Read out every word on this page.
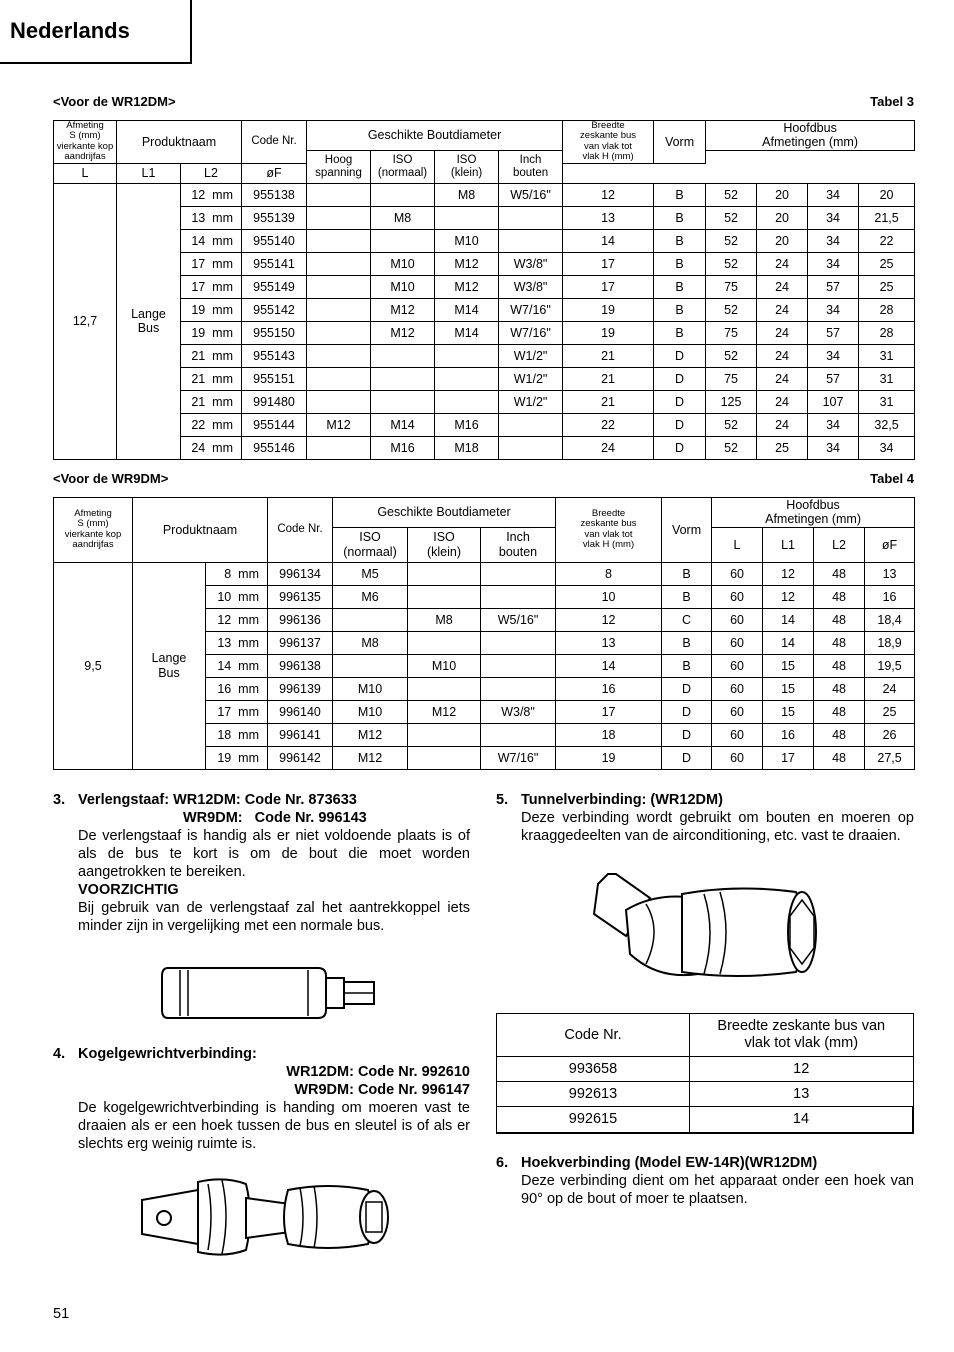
Nederlands
<Voor de WR12DM>	Tabel 3
Afmeting
S (mm)
vierkante kop
aandrijfas	Produktnaam		Code Nr.	Geschikte Boutdiameter				Breedte
zeskante bus
van vlak tot
vlak H (mm)	Vorm	Hoofdbus
Afmetingen (mm)			
				Hoog
spanning	ISO
(normaal)	ISO
(klein)	Inch
bouten						
L	L1	L2	øF										
12,7	Lange
Bus	12  mm	955138			M8	W5/16"	12	B	52	20	34	20
		13  mm	955139		M8			13	B	52	20	34	21,5
		14  mm	955140			M10		14	B	52	20	34	22
		17  mm	955141		M10	M12	W3/8"	17	B	52	24	34	25
		17  mm	955149		M10	M12	W3/8"	17	B	75	24	57	25
		19  mm	955142		M12	M14	W7/16"	19	B	52	24	34	28
		19  mm	955150		M12	M14	W7/16"	19	B	75	24	57	28
		21  mm	955143				W1/2"	21	D	52	24	34	31
		21  mm	955151				W1/2"	21	D	75	24	57	31
		21  mm	991480				W1/2"	21	D	125	24	107	31
		22  mm	955144	M12	M14	M16		22	D	52	24	34	32,5
		24  mm	955146		M16	M18		24	D	52	25	34	34
<Voor de WR9DM>	Tabel 4
Afmeting
S (mm)
vierkante kop
aandrijfas	Produktnaam		Code Nr.	Geschikte Boutdiameter			Breedte
zeskante bus
van vlak tot
vlak H (mm)	Vorm	Hoofdbus
Afmetingen (mm)			
				ISO
(normaal)	ISO
(klein)	Inch
bouten			L	L1	L2	øF
9,5	Lange
Bus	8  mm	996134	M5			8	B	60	12	48	13
		10  mm	996135	M6			10	B	60	12	48	16
		12  mm	996136		M8	W5/16"	12	C	60	14	48	18,4
		13  mm	996137	M8			13	B	60	14	48	18,9
		14  mm	996138		M10		14	B	60	15	48	19,5
		16  mm	996139	M10			16	D	60	15	48	24
		17  mm	996140	M10	M12	W3/8"	17	D	60	15	48	25
		18  mm	996141	M12			18	D	60	16	48	26
		19  mm	996142	M12		W7/16"	19	D	60	17	48	27,5
3. Verlengstaaf: WR12DM: Code Nr. 873633
WR9DM:   Code Nr. 996143
De verlengstaaf is handig als er niet voldoende plaats is of als de bus te kort is om de bout die moet worden aangetrokken te bereiken.
VOORZICHTIG
Bij gebruik van de verlengstaaf zal het aantrekkoppel iets minder zijn in vergelijking met een normale bus.
4. Kogelgewrichtverbinding:
WR12DM: Code Nr. 992610
WR9DM: Code Nr. 996147
De kogelgewrichtverbinding is handing om moeren vast te draaien als er een hoek tussen de bus en sleutel is of als er slechts erg weinig ruimte is.
5. Tunnelverbinding: (WR12DM)
Deze verbinding wordt gebruikt om bouten en moeren op kraaggedeelten van de airconditioning, etc. vast te draaien.
Code Nr.	Breedte zeskante bus van
vlak tot vlak (mm)
993658	12
992613	13
992615	14
6. Hoekverbinding (Model EW-14R)(WR12DM)
Deze verbinding dient om het apparaat onder een hoek van 90° op de bout of moer te plaatsen.
51
